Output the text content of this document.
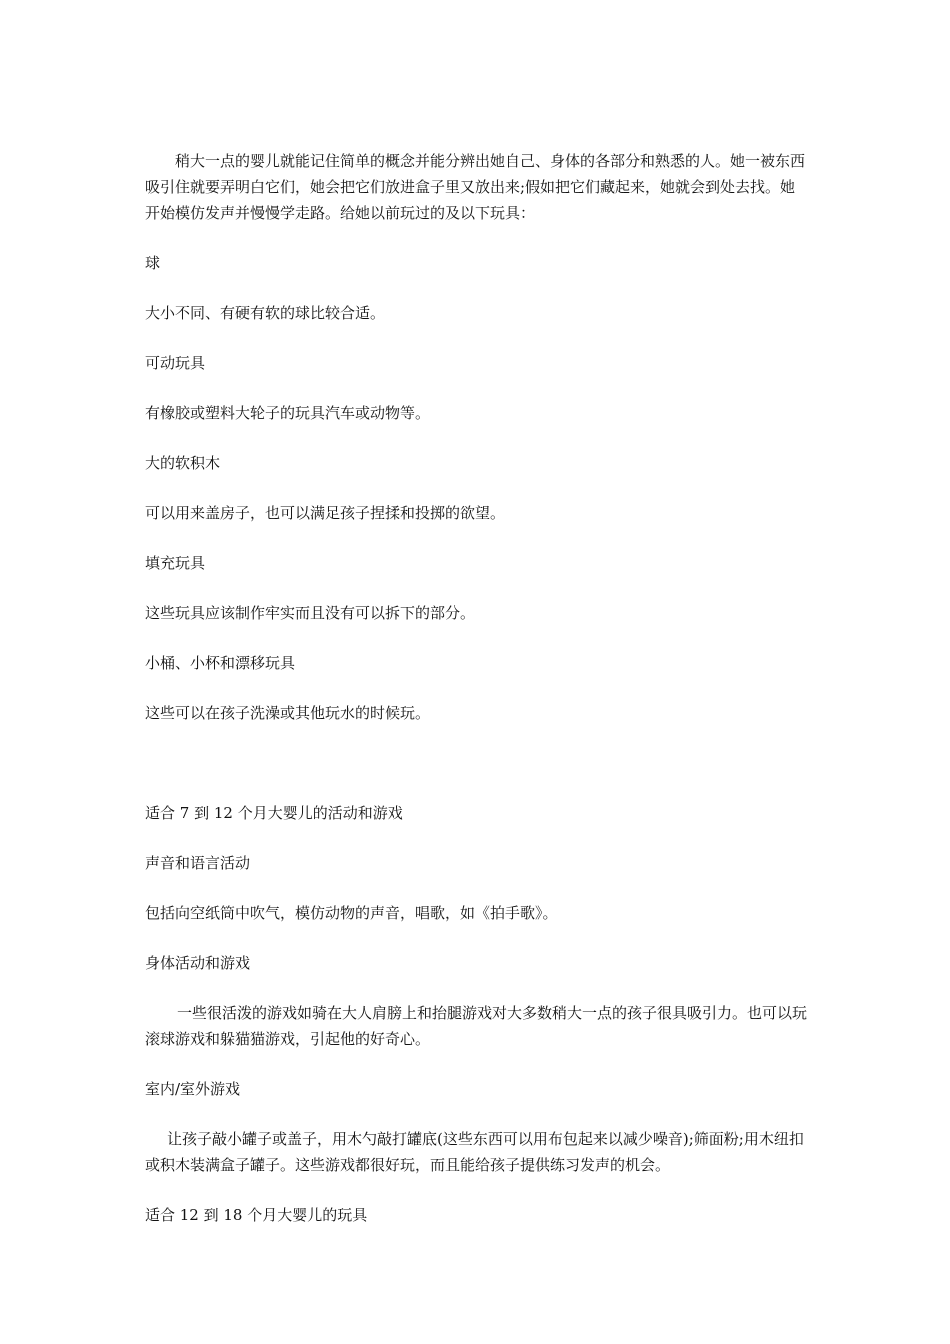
稍大一点的婴儿就能记住简单的概念并能分辨出她自己、身体的各部分和熟悉的人。她一被东西吸引住就要弄明白它们，她会把它们放进盒子里又放出来;假如把它们藏起来，她就会到处去找。她开始模仿发声并慢慢学走路。给她以前玩过的及以下玩具：

球

大小不同、有硬有软的球比较合适。

可动玩具

有橡胶或塑料大轮子的玩具汽车或动物等。

大的软积木

可以用来盖房子，也可以满足孩子捏揉和投掷的欲望。

填充玩具

这些玩具应该制作牢实而且没有可以拆下的部分。

小桶、小杯和漂移玩具

这些可以在孩子洗澡或其他玩水的时候玩。

适合 7 到 12 个月大婴儿的活动和游戏

声音和语言活动

包括向空纸筒中吹气，模仿动物的声音，唱歌，如《拍手歌》。

身体活动和游戏

一些很活泼的游戏如骑在大人肩膀上和抬腿游戏对大多数稍大一点的孩子很具吸引力。也可以玩滚球游戏和躲猫猫游戏，引起他的好奇心。

室内/室外游戏

让孩子敲小罐子或盖子，用木勺敲打罐底(这些东西可以用布包起来以减少噪音);筛面粉;用木纽扣或积木装满盒子罐子。这些游戏都很好玩，而且能给孩子提供练习发声的机会。

适合 12 到 18 个月大婴儿的玩具
